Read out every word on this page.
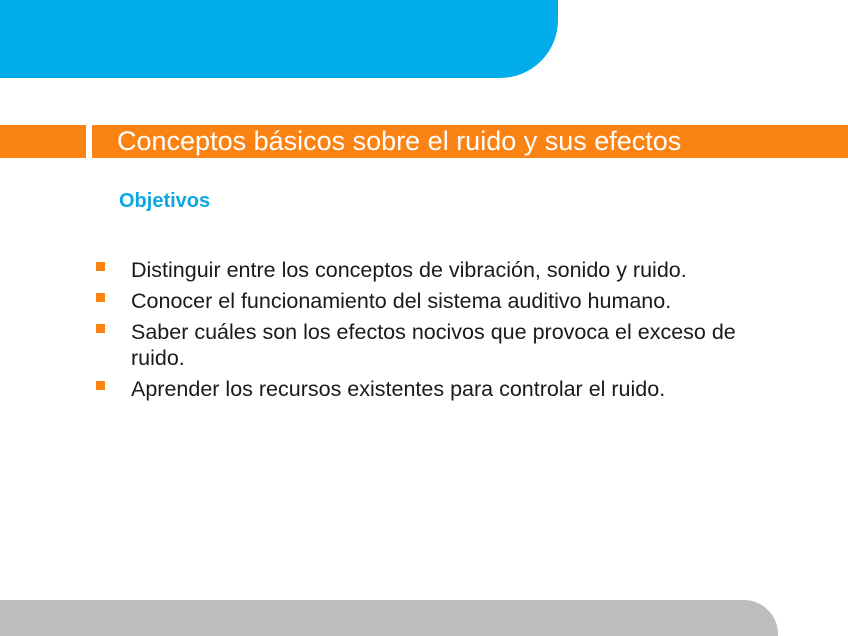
Conceptos básicos sobre el ruido y sus efectos
Objetivos
Distinguir entre los conceptos de vibración, sonido y ruido.
Conocer el funcionamiento del sistema auditivo humano.
Saber cuáles son los efectos nocivos que provoca el exceso de ruido.
Aprender los recursos existentes para controlar el ruido.
